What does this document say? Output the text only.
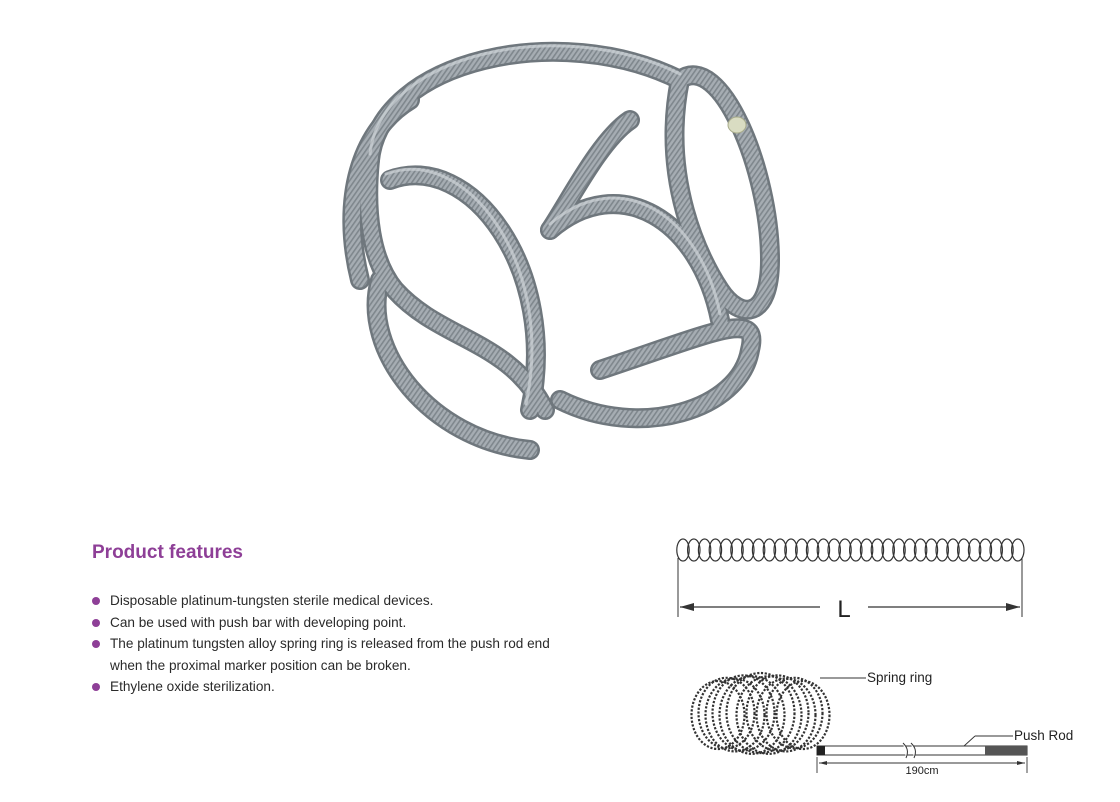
Product features
Disposable platinum-tungsten sterile medical devices.
Can be used with push bar with developing point.
The platinum tungsten alloy spring ring is released from the push rod end when the proximal marker position can be broken.
Ethylene oxide sterilization.
L
Spring ring
Push Rod
190cm
